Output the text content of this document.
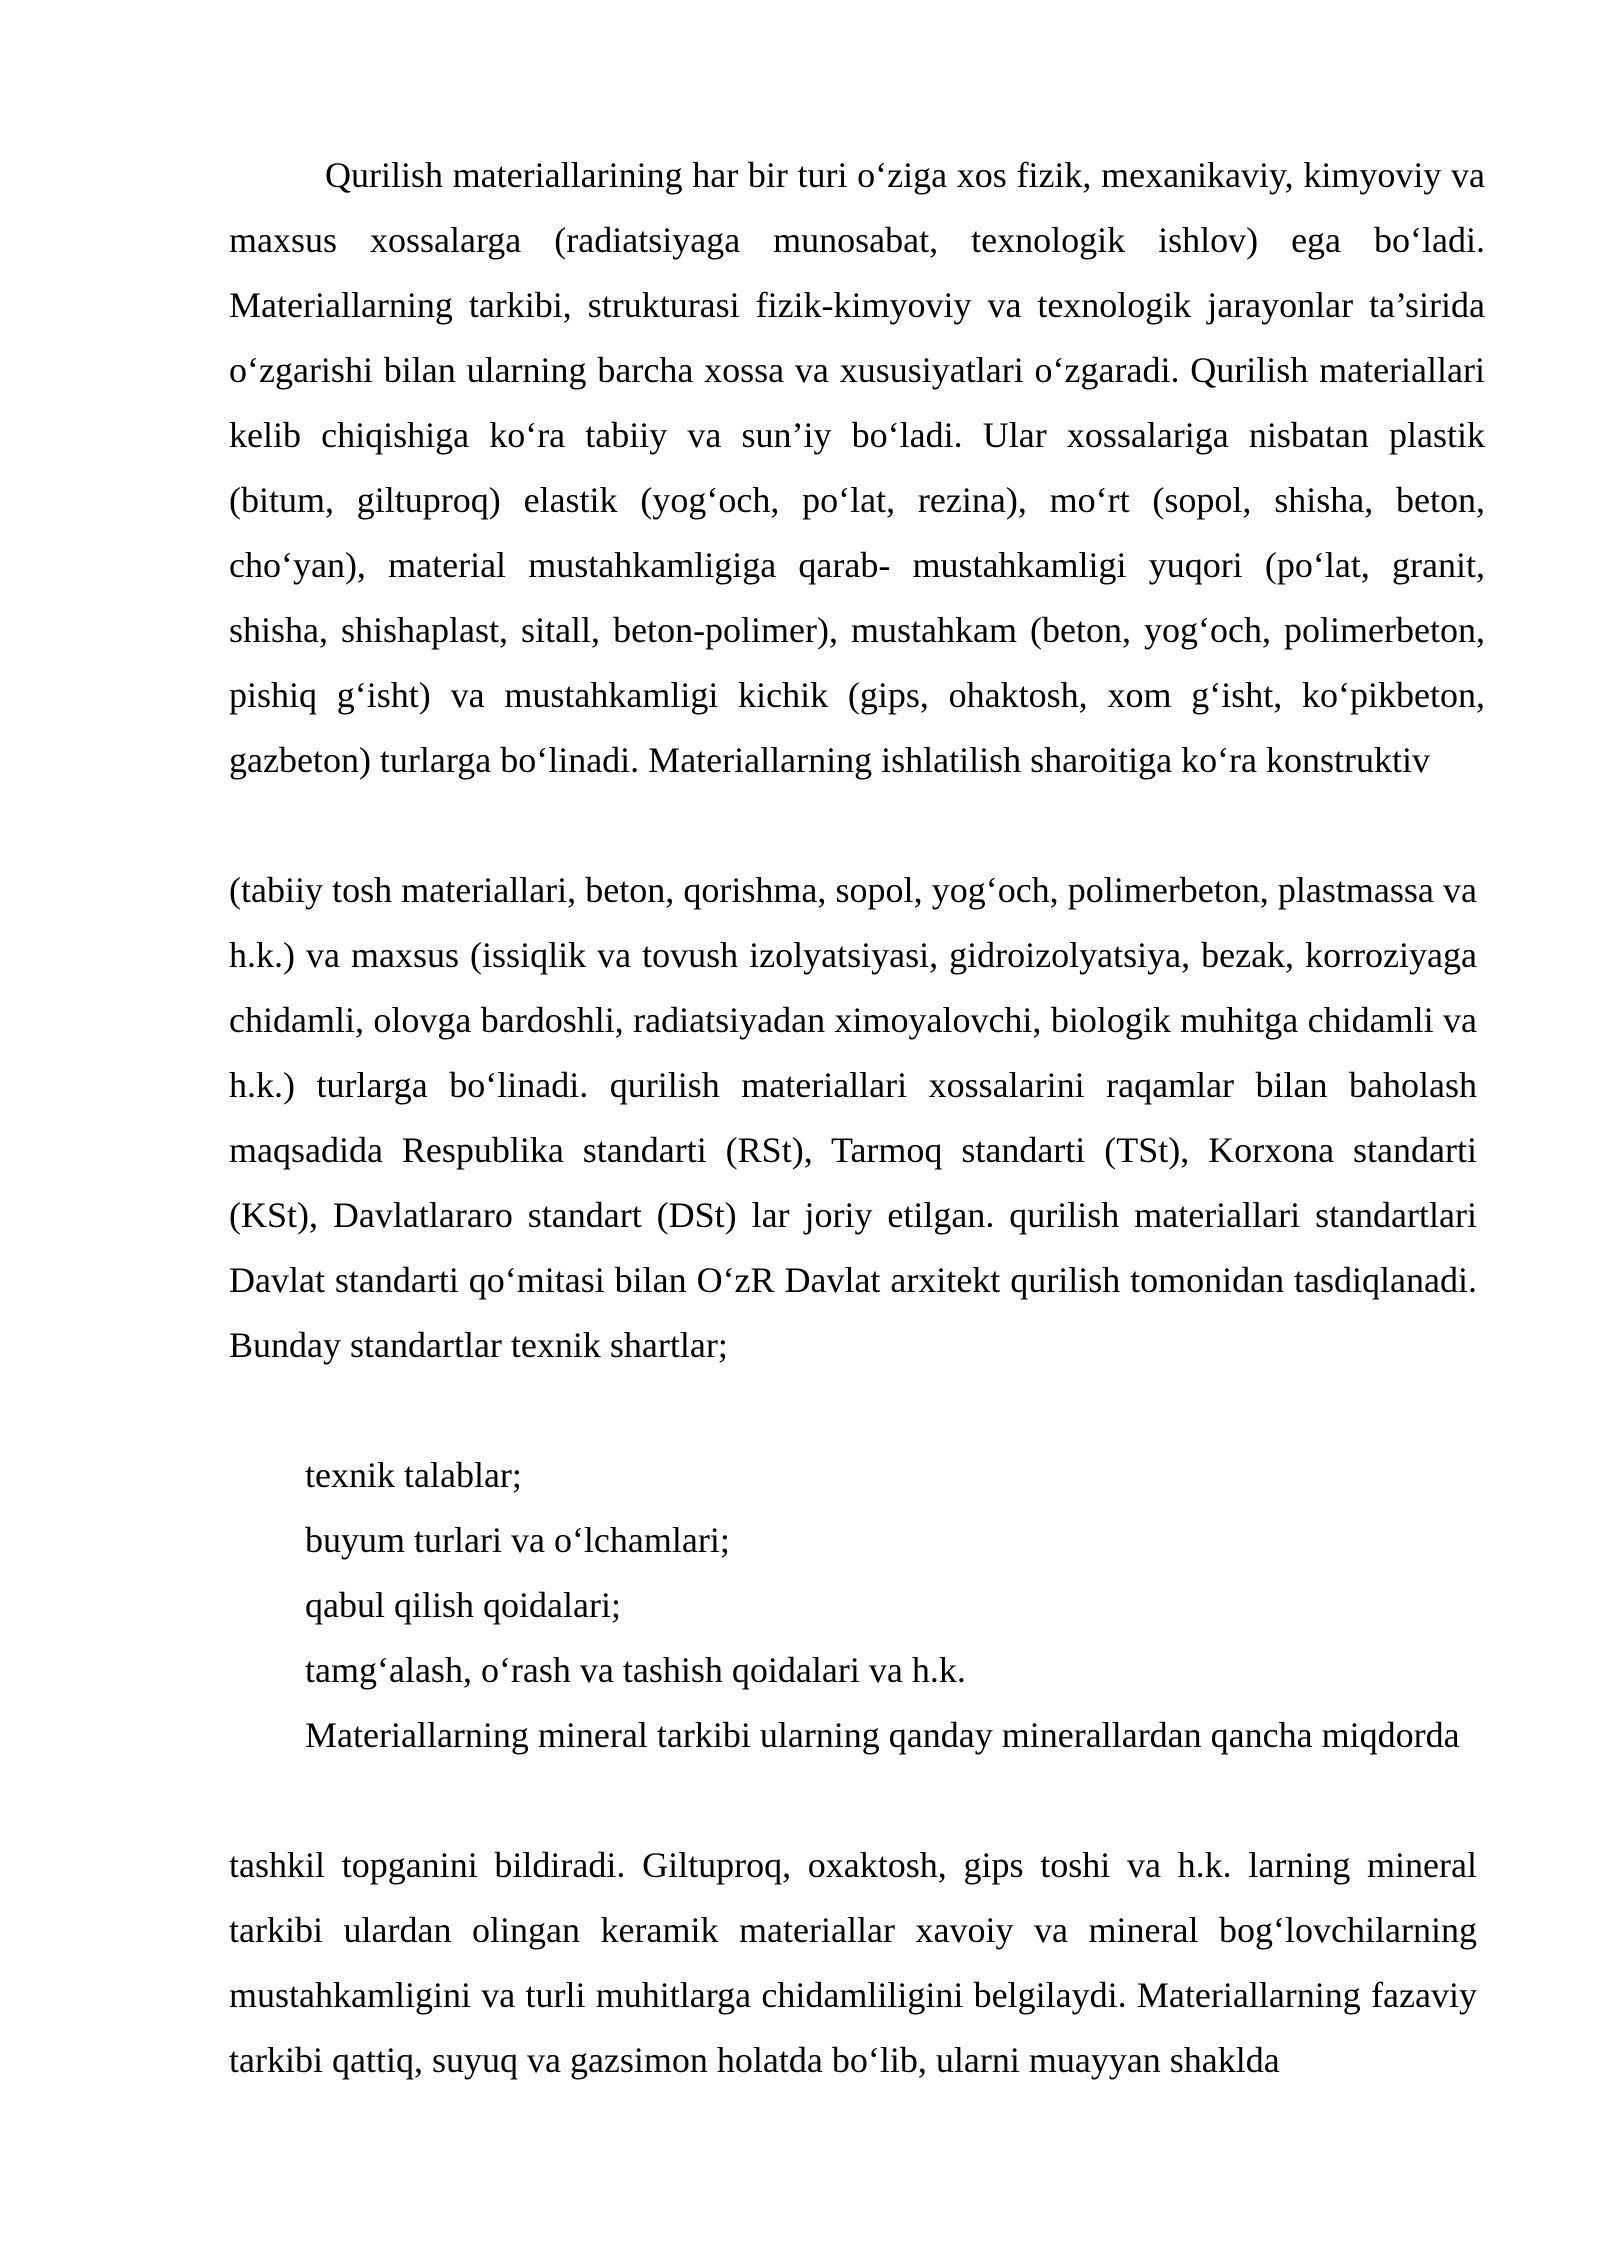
Qurilish materiallarining har bir turi o‘ziga xos fizik, mexanikaviy, kimyoviy va maxsus xossalarga (radiatsiyaga munosabat, texnologik ishlov) ega bo‘ladi. Materiallarning tarkibi, strukturasi fizik-kimyoviy va texnologik jarayonlar ta’sirida o‘zgarishi bilan ularning barcha xossa va xususiyatlari o‘zgaradi. Qurilish materiallari kelib chiqishiga ko‘ra tabiiy va sun’iy bo‘ladi. Ular xossalariga nisbatan plastik (bitum, giltuproq) elastik (yog‘och, po‘lat, rezina), mo‘rt (sopol, shisha, beton, cho‘yan), material mustahkamligiga qarab- mustahkamligi yuqori (po‘lat, granit, shisha, shishaplast, sitall, beton-polimer), mustahkam (beton, yog‘och, polimerbeton, pishiq g‘isht) va mustahkamligi kichik (gips, ohaktosh, xom g‘isht, ko‘pikbeton, gazbeton) turlarga bo‘linadi. Materiallarning ishlatilish sharoitiga ko‘ra konstruktiv

(tabiiy tosh materiallari, beton, qorishma, sopol, yog‘och, polimerbeton, plastmassa va h.k.) va maxsus (issiqlik va tovush izolyatsiyasi, gidroizolyatsiya, bezak, korroziyaga chidamli, olovga bardoshli, radiatsiyadan ximoyalovchi, biologik muhitga chidamli va h.k.) turlarga bo‘linadi. qurilish materiallari xossalarini raqamlar bilan baholash maqsadida Respublika standarti (RSt), Tarmoq standarti (TSt), Korxona standarti (KSt), Davlatlararo standart (DSt) lar joriy etilgan. qurilish materiallari standartlari Davlat standarti qo‘mitasi bilan O‘zR Davlat arxitekt qurilish tomonidan tasdiqlanadi. Bunday standartlar texnik shartlar;

texnik talablar;
buyum turlari va o‘lchamlari;
qabul qilish qoidalari;
tamg‘alash, o‘rash va tashish qoidalari va h.k.
Materiallarning mineral tarkibi ularning qanday minerallardan qancha miqdorda

tashkil topganini bildiradi. Giltuproq, oxaktosh, gips toshi va h.k. larning mineral tarkibi ulardan olingan keramik materiallar xavoiy va mineral bog‘lovchilarning mustahkamligini va turli muhitlarga chidamliligini belgilaydi. Materiallarning fazaviy tarkibi qattiq, suyuq va gazsimon holatda bo‘lib, ularni muayyan shaklda
